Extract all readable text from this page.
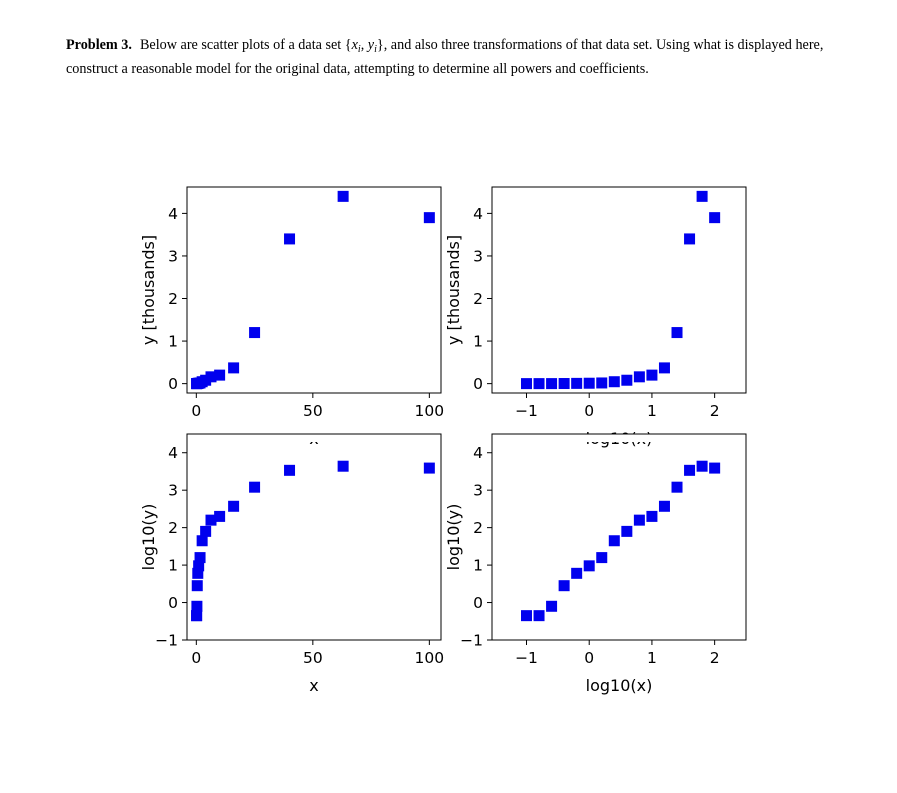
Problem 3. Below are scatter plots of a data set {$x_i$, $y_i$}, and also three transformations of that data set. Using what is displayed here, construct a reasonable model for the original data, attempting to determine all powers and coefficients.
0	50	100
0
1
2
3
4
y [thousands]
−1	0	1	2
0
1
2
3
4
y [thousands]
0	50	100
−1
0
1
2
3
4
x
log10(y)
−1	0	1	2
−1
0
1
2
3
4
log10(x)
log10(y)
